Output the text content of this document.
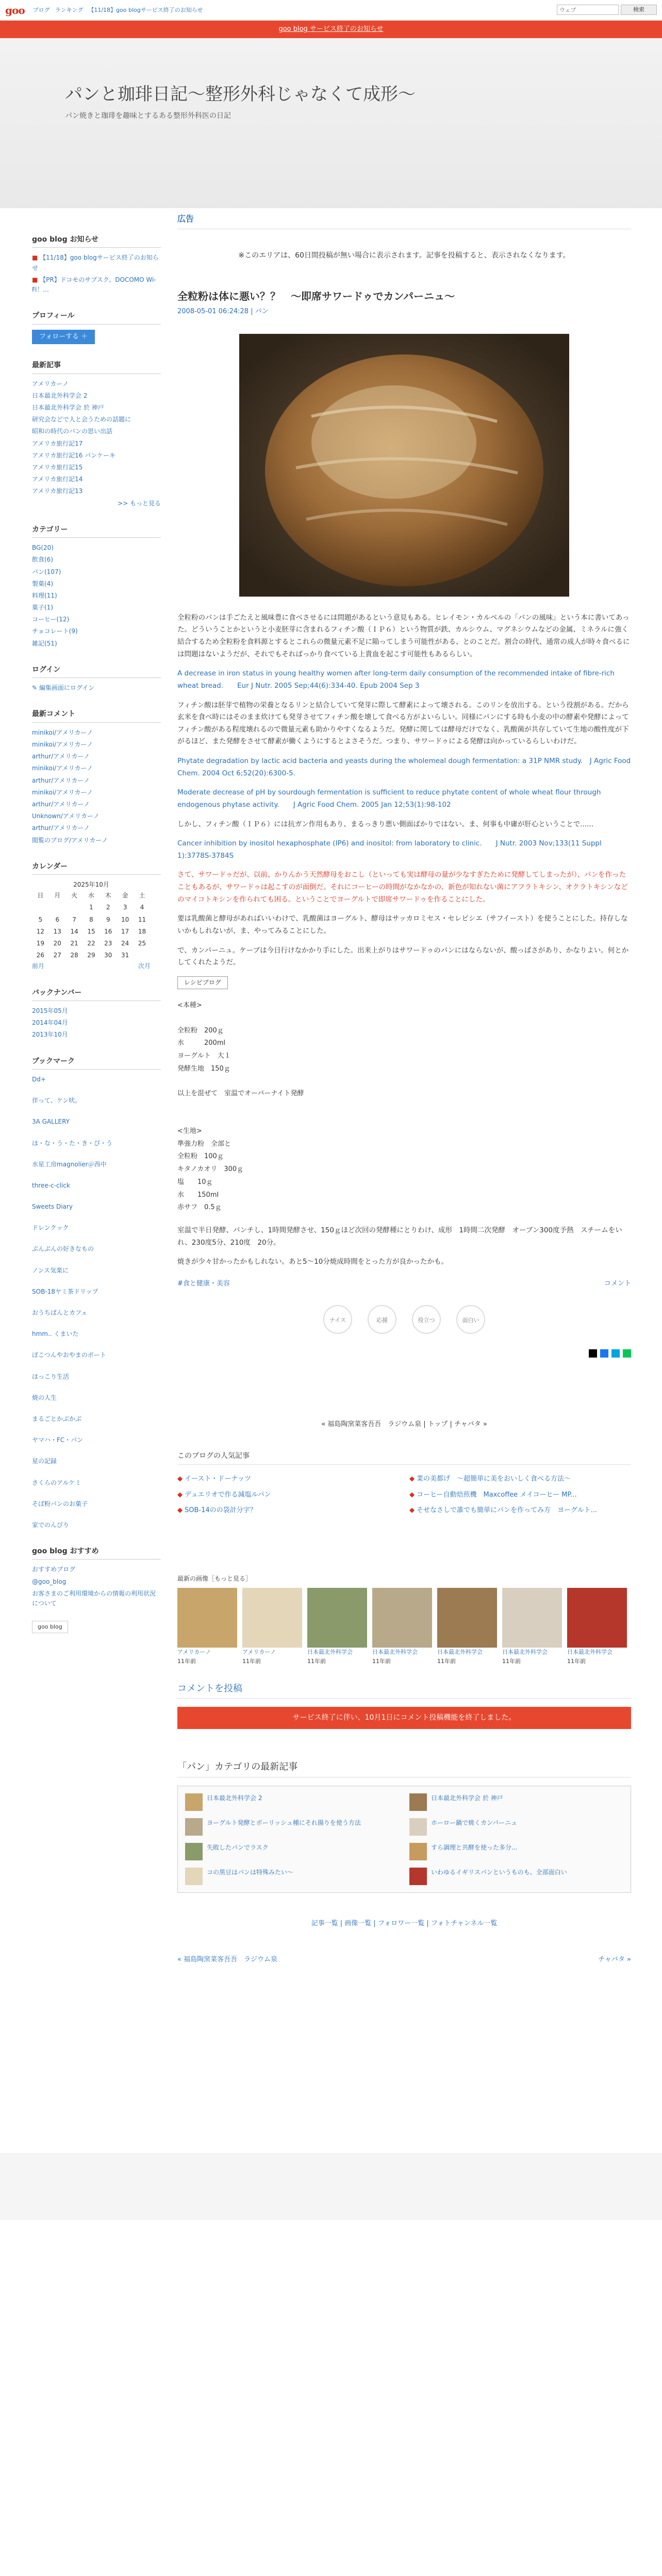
goo ブログ ランキング 【11/18】goo blogサービス終了のお知らせ	ウェブ	検索
goo blog サービス終了のお知らせ
パンと珈琲日記〜整形外科じゃなくて成形〜

パン焼きと珈琲を趣味とするある整形外科医の日記

goo blog お知らせ
■ 【11/18】goo blogサービス終了のお知らせ
■ 【PR】ドコモのサブスク、DOCOMO Wi-Fi！...
プロフィール
フォローする ＋
最新記事
アメリカーノ
日本最北外科学会 2
日本最北外科学会 於 神戸
研究会などで人と会うための話題に
昭和の時代のパンの思い出話
アメリカ旅行記17
アメリカ旅行記16 パンケーキ
アメリカ旅行記15
アメリカ旅行記14
アメリカ旅行記13
>> もっと見る
カテゴリー
BG(20)
飲食(6)
パン(107)
製菓(4)
料理(11)
菓子(1)
コーヒー(12)
チョコレート(9)
雑記(51)
ログイン
✎ 編集画面にログイン
最新コメント
minikoi/アメリカーノ
minikoi/アメリカーノ
arthur/アメリカーノ
minikoi/アメリカーノ
arthur/アメリカーノ
minikoi/アメリカーノ
arthur/アメリカーノ
Unknown/アメリカーノ
arthur/アメリカーノ
閲覧のブログ/アメリカーノ
カレンダー
2025年10月
日	月	火	水	木	金	土
			1	2	3	4
5	6	7	8	9	10	11
12	13	14	15	16	17	18
19	20	21	22	23	24	25
26	27	28	29	30	31	
前月	次月
バックナンバー
2015年05月
2014年04月
2013年10月
ブックマーク
Dd+
伴って、ケン吠。
3A GALLERY
ほ・な・う・た・き・ぴ・う
水星工房magnolier＠西中
three-c-click
Sweets Diary
ドレンクック
ぶんぶんの好きなもの
ノンス気楽に
SOB-18ヤミ茶ドリップ
おうちぱんとカフェ
hmm.. くまいた
ぽこつんやおやまのポート
ほっこり生活
焼の人生
まるごとかぶかぶ
ヤマハ・FC・パン
星の記録
さくらのアルケミ
そば粉パンのお菓子
家でのんびり
goo blog おすすめ
おすすめブログ
@goo_blog
お客さまのご利用環境からの情報の利用状況について
goo blog
広告
※このエリアは、60日間投稿が無い場合に表示されます。記事を投稿すると、表示されなくなります。
全粒粉は体に悪い？？　〜即席サワードゥでカンパーニュ〜
2008-05-01 06:24:28 | パン

全粒粉のパンは手ごたえと風味豊に食べさせるには問題があるという意見もある。ヒレイモン・カルベルの「パンの風味」という本に書いてあった。どういうことかというと小麦胚芽に含まれるフィチン酸（ＩＰ６）という物質が鉄、カルシウム、マグネシウムなどの金属、ミネラルに強く結合するため全粒粉を食料源とするとこれらの微量元素不足に陥ってしまう可能性がある、とのことだ。割合の時代、通常の成人が時々食べるには問題はないようだが、それでもそればっかり食べている上貴血を起こす可能性もあるらしい。

A decrease in iron status in young healthy women after long-term daily consumption of the recommended intake of fibre-rich wheat bread.　　Eur J Nutr. 2005 Sep;44(6):334-40. Epub 2004 Sep 3

フィチン酸は胚芽で植物の栄養となるリンと結合していて発芽に際して酵素によって壊される。このリンを放出する。という役割がある。だから玄米を食べ時にはそのまま炊けても発芽させてフィチン酸を壊して食べる方がよいらしい。同様にパンにする時も小麦の中の酵素や発酵によってフィチン酸がある程度壊れるので微量元素も助かりやすくなるようだ。発酵に関しては酵母だけでなく、乳酸菌が共存していて生地の酸性度が下がるほど、また発酵をさせて酵素が働くようにするとよさそうだ。つまり、サワードゥによる発酵は向かっているらしいわけだ。

Phytate degradation by lactic acid bacteria and yeasts during the wholemeal dough fermentation: a 31P NMR study.　J Agric Food Chem. 2004 Oct 6;52(20):6300-5.

Moderate decrease of pH by sourdough fermentation is sufficient to reduce phytate content of whole wheat flour through endogenous phytase activity.　　J Agric Food Chem. 2005 Jan 12;53(1):98-102

しかし、フィチン酸（ＩＰ６）には抗ガン作用もあり、まるっきり悪い側面ばかりではない。ま、何事も中庸が肝心ということで......

Cancer inhibition by inositol hexaphosphate (IP6) and inositol: from laboratory to clinic.　　J Nutr. 2003 Nov;133(11 Suppl 1):3778S-3784S

さて、サワードゥだが、以前、かりんかう天然酵母をおこし（といっても実は酵母の量が少なすぎたために発酵してしまったが）、パンを作ったこともあるが、サワードゥは起こすのが面倒だ。それにコーヒーの時間がなかなかの、新色が知れない菌にアフラトキシン、オクラトキシンなどのマイコトキシンを作られても困る。ということでヨーグルトで即席サワードゥを作ることにした。

要は乳酸菌と酵母があればいいわけで、乳酸菌はヨーグルト、酵母はサッカロミセス・セレビシエ（サフイースト）を使うことにした。持存しないかもしれないが、ま、やってみることにした。

で、カンパーニュ。ケーブは今日行けなかかり手にした。出来上がりはサワードゥのパンにはならないが、酸っぱさがあり、かなりよい。何とかしてくれたようだ。

レシピブログ
<本種>
全粒粉　200ｇ
水　　　200ml
ヨーグルト　大１
発酵生地　150ｇ
以上を混ぜて　室温でオーバーナイト発酵
<生地>
準強力粉　全部と
全粒粉　100ｇ
キタノカオリ　300ｇ
塩　　10ｇ
水　　150ml
赤サフ　0.5ｇ

室温で半日発酵、パンチし、1時間発酵させ、150ｇほど次回の発酵種にとりわけ、成形　1時間二次発酵　オーブン300度予熱　スチームをいれ、230度5分、210度　20分。

焼きが少々甘かったかもしれない。あと5〜10分焼成時間をとった方が良かったかも。

#食と健康・美容	コメント
ナイス	応援	役立つ	面白い
« 福島陶窯菜客吾吾　ラジウム泉 | トップ | チャバタ »
このブログの人気記事
◆ イースト・ドーナッツ	◆ 業の美都げ　〜超簡単に美をおいしく食べる方法〜
◆ デュエリオで作る減塩ルパン	◆ コーヒー自動焙煎機　Maxcoffee メイコーヒー MP...
◆ SOB-14のの袋計分字？	◆ そせなさしで誰でも簡単にパンを作ってみ方　ヨーグルト...
最新の画像［もっと見る］
アメリカーノ
11年前
アメリカーノ
11年前
日本最北外科学会
11年前
日本最北外科学会
11年前
日本最北外科学会
11年前
日本最北外科学会
11年前
日本最北外科学会
11年前
コメントを投稿
サービス終了に伴い、10月1日にコメント投稿機能を終了しました。
「パン」カテゴリの最新記事
日本最北外科学会 2	日本最北外科学会 於 神戸
ヨーグルト発酵とボーリッシュ種にそれ揚りを使う方法	ホーロー鍋で焼くカンパーニュ
失敗したパンでラスク	すら調理と共酵を使った多分...
コの黒豆はパンは特殊みたい〜	いわゆるイギリスパンというものも、全部面白い
記事一覧 | 画像一覧 | フォロワー一覧 | フォトチャンネル一覧
« 福島陶窯菜客吾吾　ラジウム泉	チャバタ »
